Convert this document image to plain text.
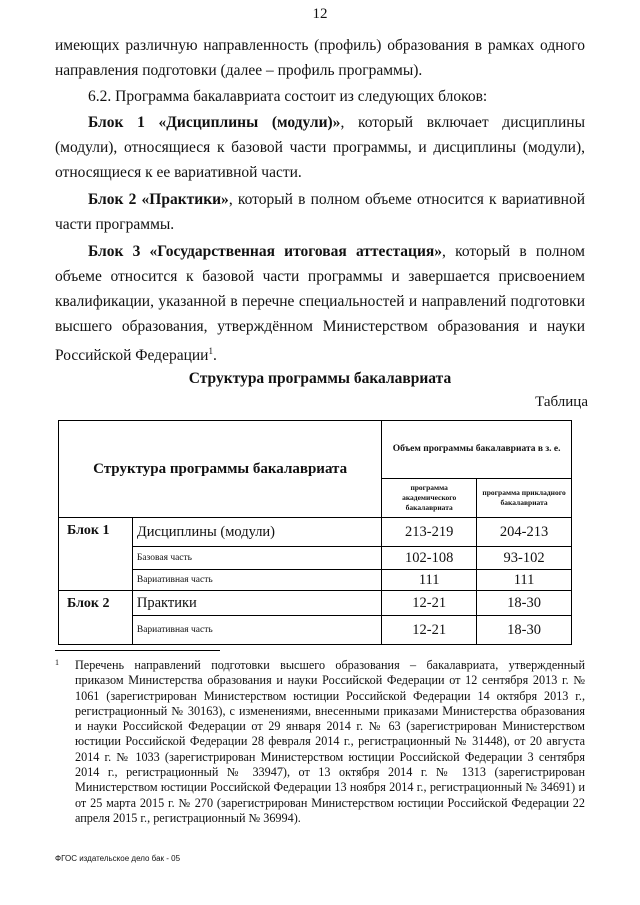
12
имеющих различную направленность (профиль) образования в рамках одного направления подготовки (далее – профиль программы).
6.2. Программа бакалавриата состоит из следующих блоков:
Блок 1 «Дисциплины (модули)», который включает дисциплины (модули), относящиеся к базовой части программы, и дисциплины (модули), относящиеся к ее вариативной части.
Блок 2 «Практики», который в полном объеме относится к вариативной части программы.
Блок 3 «Государственная итоговая аттестация», который в полном объеме относится к базовой части программы и завершается присвоением квалификации, указанной в перечне специальностей и направлений подготовки высшего образования, утверждённом Министерством образования и науки Российской Федерации$^1$.
Структура программы бакалавриата
Таблица
Структура программы бакалавриата		Объем программы бакалавриата в з. е.	
		программа академического бакалавриата	программа прикладного бакалавриата
Блок 1	Дисциплины (модули)	213-219	204-213
	Базовая часть	102-108	93-102
	Вариативная часть	111	111
Блок 2	Практики	12-21	18-30
	Вариативная часть	12-21	18-30
1	Перечень направлений подготовки высшего образования – бакалавриата, утвержденный приказом Министерства образования и науки Российской Федерации от 12 сентября 2013 г. № 1061 (зарегистрирован Министерством юстиции Российской Федерации 14 октября 2013 г., регистрационный № 30163), с изменениями, внесенными приказами Министерства образования и науки Российской Федерации от 29 января 2014 г. № 63 (зарегистрирован Министерством юстиции Российской Федерации 28 февраля 2014 г., регистрационный № 31448), от 20 августа 2014 г. № 1033 (зарегистрирован Министерством юстиции Российской Федерации 3 сентября 2014 г., регистрационный № 33947), от 13 октября 2014 г. № 1313 (зарегистрирован Министерством юстиции Российской Федерации 13 ноября 2014 г., регистрационный № 34691) и от 25 марта 2015 г. № 270 (зарегистрирован Министерством юстиции Российской Федерации 22 апреля 2015 г., регистрационный № 36994).
ФГОС издательское дело бак - 05
